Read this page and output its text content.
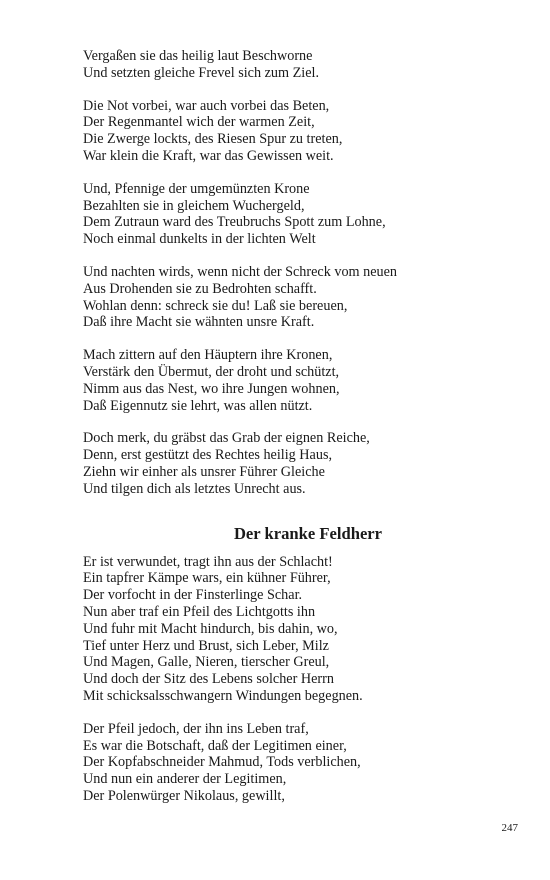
Vergaßen sie das heilig laut Beschworne
Und setzten gleiche Frevel sich zum Ziel.
Die Not vorbei, war auch vorbei das Beten,
Der Regenmantel wich der warmen Zeit,
Die Zwerge lockts, des Riesen Spur zu treten,
War klein die Kraft, war das Gewissen weit.
Und, Pfennige der umgemünzten Krone
Bezahlten sie in gleichem Wuchergeld,
Dem Zutraun ward des Treubruchs Spott zum Lohne,
Noch einmal dunkelts in der lichten Welt
Und nachten wirds, wenn nicht der Schreck vom neuen
Aus Drohenden sie zu Bedrohten schafft.
Wohlan denn: schreck sie du! Laß sie bereuen,
Daß ihre Macht sie wähnten unsre Kraft.
Mach zittern auf den Häuptern ihre Kronen,
Verstärk den Übermut, der droht und schützt,
Nimm aus das Nest, wo ihre Jungen wohnen,
Daß Eigennutz sie lehrt, was allen nützt.
Doch merk, du gräbst das Grab der eignen Reiche,
Denn, erst gestützt des Rechtes heilig Haus,
Ziehn wir einher als unsrer Führer Gleiche
Und tilgen dich als letztes Unrecht aus.
Der kranke Feldherr
Er ist verwundet, tragt ihn aus der Schlacht!
Ein tapfrer Kämpe wars, ein kühner Führer,
Der vorfocht in der Finsterlinge Schar.
Nun aber traf ein Pfeil des Lichtgotts ihn
Und fuhr mit Macht hindurch, bis dahin, wo,
Tief unter Herz und Brust, sich Leber, Milz
Und Magen, Galle, Nieren, tierscher Greul,
Und doch der Sitz des Lebens solcher Herrn
Mit schicksalsschwangern Windungen begegnen.
Der Pfeil jedoch, der ihn ins Leben traf,
Es war die Botschaft, daß der Legitimen einer,
Der Kopfabschneider Mahmud, Tods verblichen,
Und nun ein anderer der Legitimen,
Der Polenwürger Nikolaus, gewillt,
247
